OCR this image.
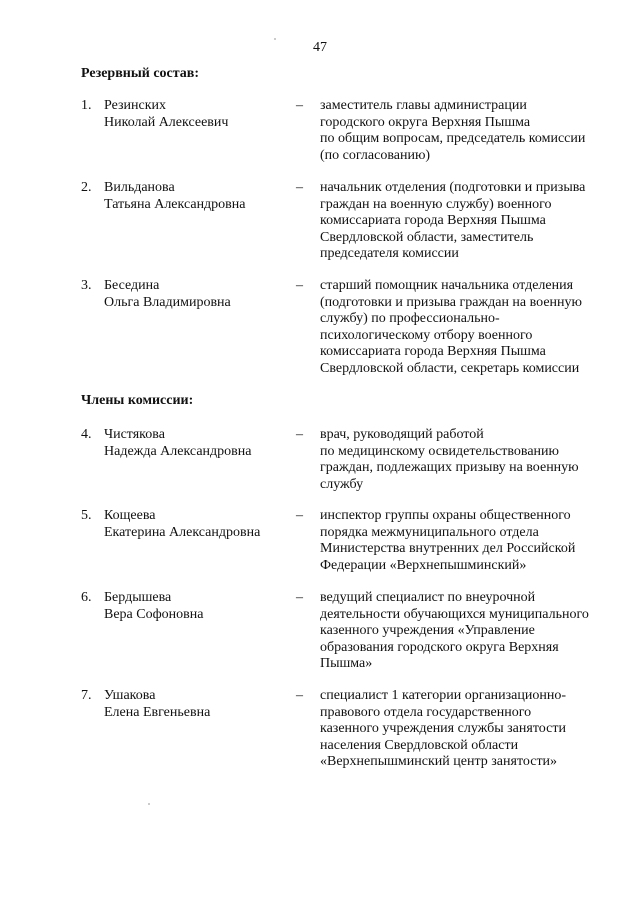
47
Резервный состав:
1. Резинских
Николай Алексеевич
– заместитель главы администрации
городского округа Верхняя Пышма
по общим вопросам, председатель комиссии
(по согласованию)
2. Вильданова
Татьяна Александровна
– начальник отделения (подготовки и призыва
граждан на военную службу) военного
комиссариата города Верхняя Пышма
Свердловской области, заместитель
председателя комиссии
3. Беседина
Ольга Владимировна
– старший помощник начальника отделения
(подготовки и призыва граждан на военную
службу) по профессионально-
психологическому отбору военного
комиссариата города Верхняя Пышма
Свердловской области, секретарь комиссии
Члены комиссии:
4. Чистякова
Надежда Александровна
– врач, руководящий работой
по медицинскому освидетельствованию
граждан, подлежащих призыву на военную
службу
5. Кощеева
Екатерина Александровна
– инспектор группы охраны общественного
порядка межмуниципального отдела
Министерства внутренних дел Российской
Федерации «Верхнепышминский»
6. Бердышева
Вера Софоновна
– ведущий специалист по внеурочной
деятельности обучающихся муниципального
казенного учреждения «Управление
образования городского округа Верхняя
Пышма»
7. Ушакова
Елена Евгеньевна
– специалист 1 категории организационно-
правового отдела государственного
казенного учреждения службы занятости
населения Свердловской области
«Верхнепышминский центр занятости»
